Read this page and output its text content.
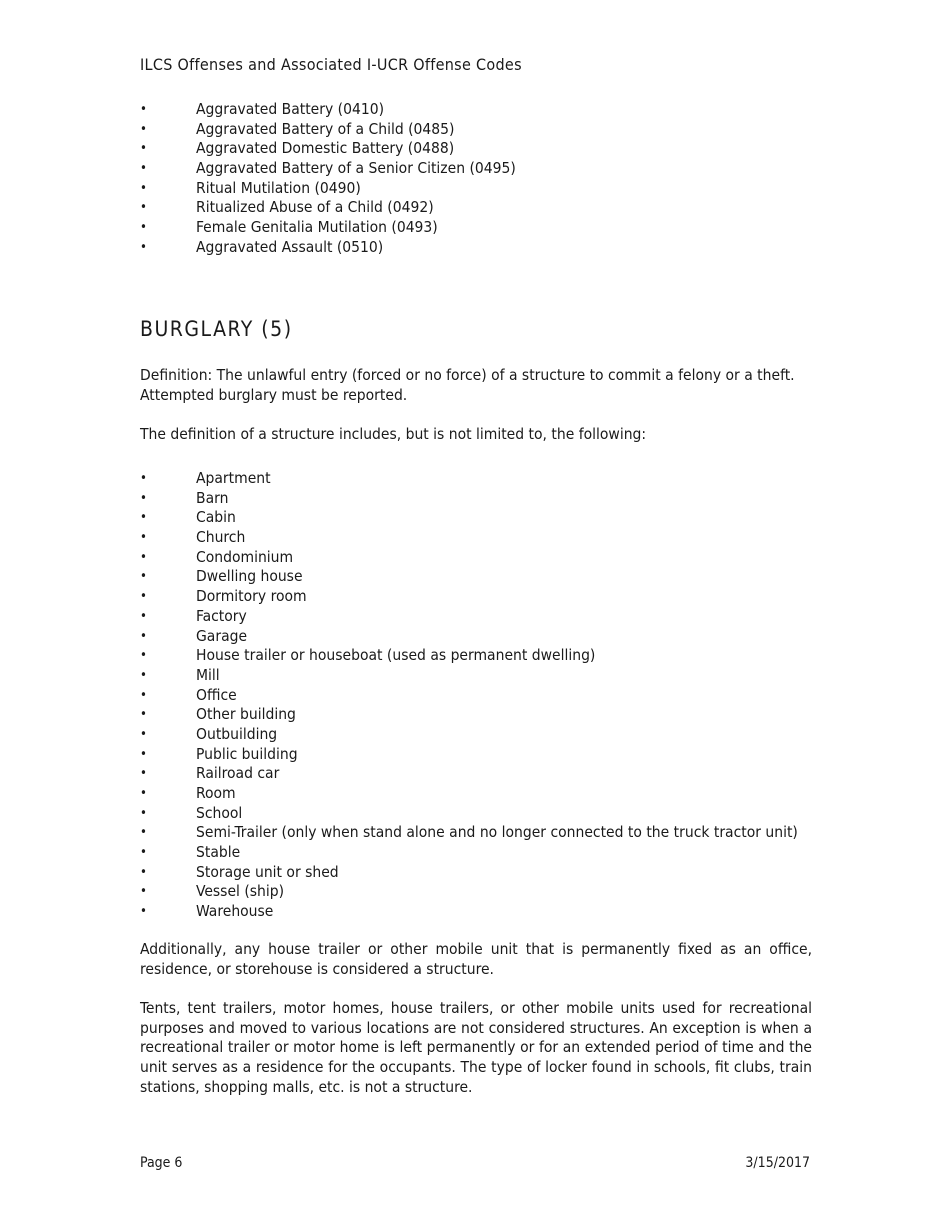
ILCS Offenses and Associated I-UCR Offense Codes
•	Aggravated Battery (0410)
•	Aggravated Battery of a Child (0485)
•	Aggravated Domestic Battery (0488)
•	Aggravated Battery of a Senior Citizen (0495)
•	Ritual Mutilation (0490)
•	Ritualized Abuse of a Child (0492)
•	Female Genitalia Mutilation (0493)
•	Aggravated Assault (0510)
BURGLARY (5)

Definition: The unlawful entry (forced or no force) of a structure to commit a felony or a theft. Attempted burglary must be reported.

The definition of a structure includes, but is not limited to, the following:

•	Apartment
•	Barn
•	Cabin
•	Church
•	Condominium
•	Dwelling house
•	Dormitory room
•	Factory
•	Garage
•	House trailer or houseboat (used as permanent dwelling)
•	Mill
•	Office
•	Other building
•	Outbuilding
•	Public building
•	Railroad car
•	Room
•	School
•	Semi-Trailer (only when stand alone and no longer connected to the truck tractor unit)
•	Stable
•	Storage unit or shed
•	Vessel (ship)
•	Warehouse

Additionally, any house trailer or other mobile unit that is permanently fixed as an office, residence, or storehouse is considered a structure.

Tents, tent trailers, motor homes, house trailers, or other mobile units used for recreational purposes and moved to various locations are not considered structures. An exception is when a recreational trailer or motor home is left permanently or for an extended period of time and the unit serves as a residence for the occupants. The type of locker found in schools, fit clubs, train stations, shopping malls, etc. is not a structure.

Page 6	3/15/2017
